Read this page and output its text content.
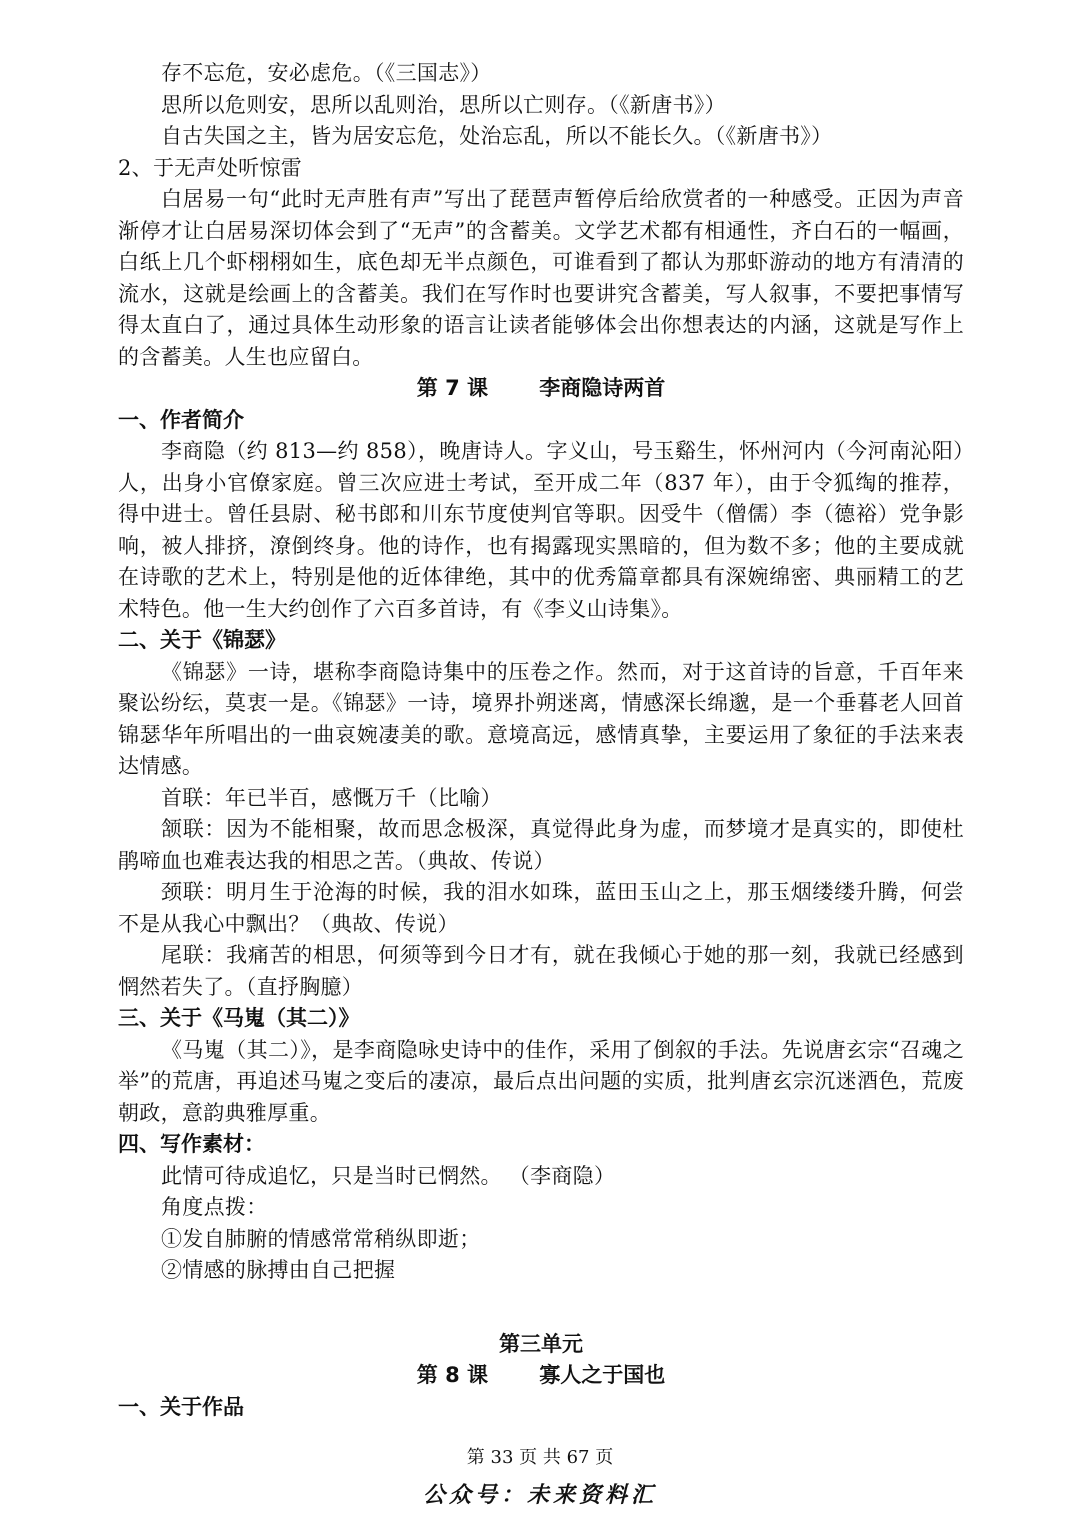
存不忘危，安必虑危。（《三国志》）
思所以危则安，思所以乱则治，思所以亡则存。（《新唐书》）
自古失国之主，皆为居安忘危，处治忘乱，所以不能长久。（《新唐书》）
2、于无声处听惊雷
白居易一句“此时无声胜有声”写出了琵琶声暂停后给欣赏者的一种感受。正因为声音渐停才让白居易深切体会到了“无声”的含蓄美。文学艺术都有相通性，齐白石的一幅画，白纸上几个虾栩栩如生，底色却无半点颜色，可谁看到了都认为那虾游动的地方有清清的流水，这就是绘画上的含蓄美。我们在写作时也要讲究含蓄美，写人叙事，不要把事情写得太直白了，通过具体生动形象的语言让读者能够体会出你想表达的内涵，这就是写作上的含蓄美。人生也应留白。
第 7 课       李商隐诗两首
一、作者简介
李商隐（约 813—约 858），晚唐诗人。字义山，号玉谿生，怀州河内（今河南沁阳）人，出身小官僚家庭。曾三次应进士考试，至开成二年（837 年），由于令狐绹的推荐，得中进士。曾任县尉、秘书郎和川东节度使判官等职。因受牛（僧儒）李（德裕）党争影响，被人排挤，潦倒终身。他的诗作，也有揭露现实黑暗的，但为数不多；他的主要成就在诗歌的艺术上，特别是他的近体律绝，其中的优秀篇章都具有深婉绵密、典丽精工的艺术特色。他一生大约创作了六百多首诗，有《李义山诗集》。
二、关于《锦瑟》
《锦瑟》一诗，堪称李商隐诗集中的压卷之作。然而，对于这首诗的旨意，千百年来聚讼纷纭，莫衷一是。《锦瑟》一诗，境界扑朔迷离，情感深长绵邈，是一个垂暮老人回首锦瑟华年所唱出的一曲哀婉凄美的歌。意境高远，感情真挚，主要运用了象征的手法来表达情感。
首联：年已半百，感慨万千（比喻）
颔联：因为不能相聚，故而思念极深，真觉得此身为虚，而梦境才是真实的，即使杜鹃啼血也难表达我的相思之苦。（典故、传说）
颈联：明月生于沧海的时候，我的泪水如珠，蓝田玉山之上，那玉烟缕缕升腾，何尝不是从我心中飘出？（典故、传说）
尾联：我痛苦的相思，何须等到今日才有，就在我倾心于她的那一刻，我就已经感到惘然若失了。（直抒胸臆）
三、关于《马嵬（其二）》
《马嵬（其二）》，是李商隐咏史诗中的佳作，采用了倒叙的手法。先说唐玄宗“召魂之举”的荒唐，再追述马嵬之变后的凄凉，最后点出问题的实质，批判唐玄宗沉迷酒色，荒废朝政，意韵典雅厚重。
四、写作素材：
此情可待成追忆，只是当时已惘然。 （李商隐）
角度点拨：
①发自肺腑的情感常常稍纵即逝；
②情感的脉搏由自己把握
第三单元
第 8 课       寡人之于国也
一、关于作品
第 33 页 共 67 页
公众号：未来资料汇
